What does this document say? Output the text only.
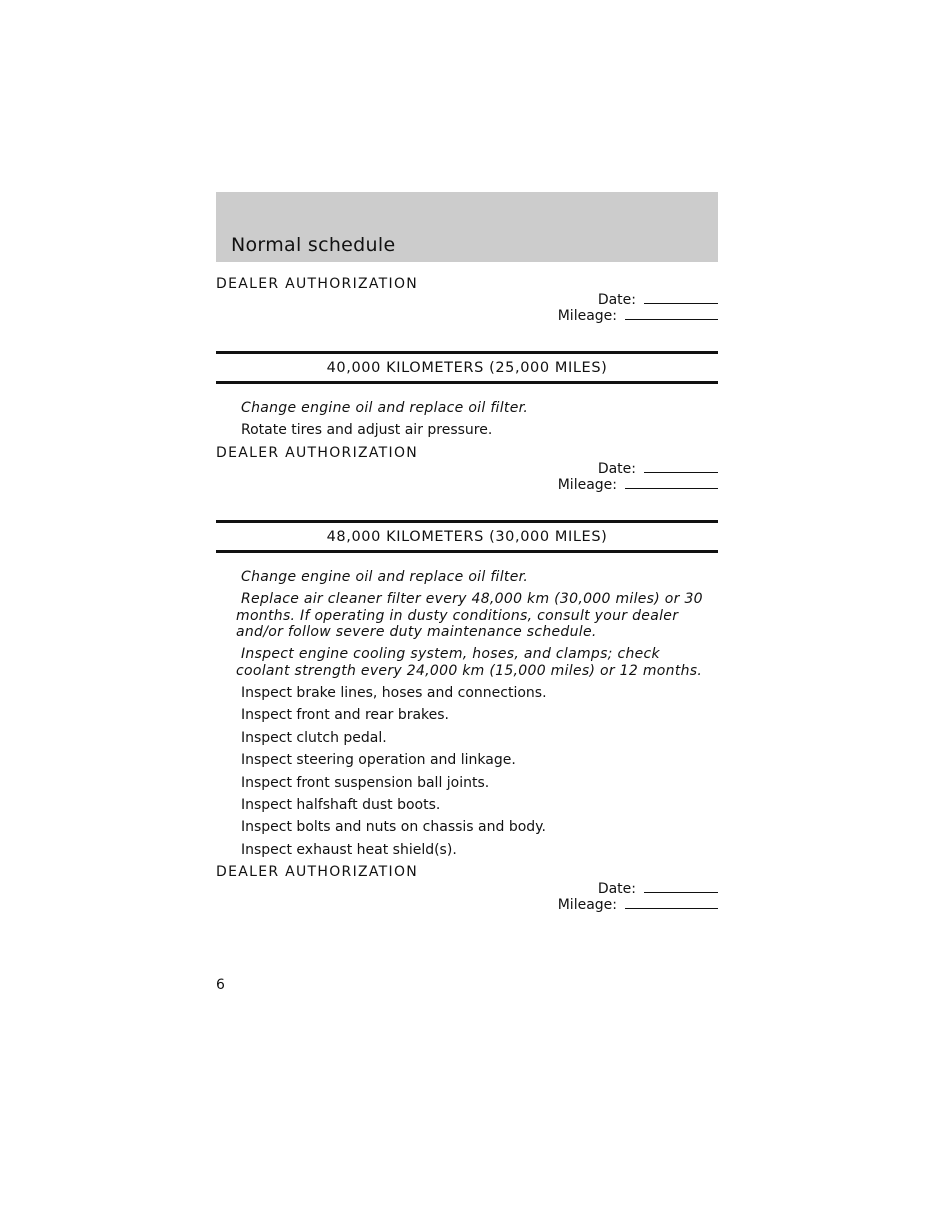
Normal schedule
DEALER AUTHORIZATION
Date:
Mileage:
40,000 KILOMETERS (25,000 MILES)
Change engine oil and replace oil filter.
Rotate tires and adjust air pressure.
DEALER AUTHORIZATION
Date:
Mileage:
48,000 KILOMETERS (30,000 MILES)
Change engine oil and replace oil filter.
Replace air cleaner filter every 48,000 km (30,000 miles) or 30 months. If operating in dusty conditions, consult your dealer and/or follow severe duty maintenance schedule.
Inspect engine cooling system, hoses, and clamps; check coolant strength every 24,000 km (15,000 miles) or 12 months.
Inspect brake lines, hoses and connections.
Inspect front and rear brakes.
Inspect clutch pedal.
Inspect steering operation and linkage.
Inspect front suspension ball joints.
Inspect halfshaft dust boots.
Inspect bolts and nuts on chassis and body.
Inspect exhaust heat shield(s).
DEALER AUTHORIZATION
Date:
Mileage:
6
